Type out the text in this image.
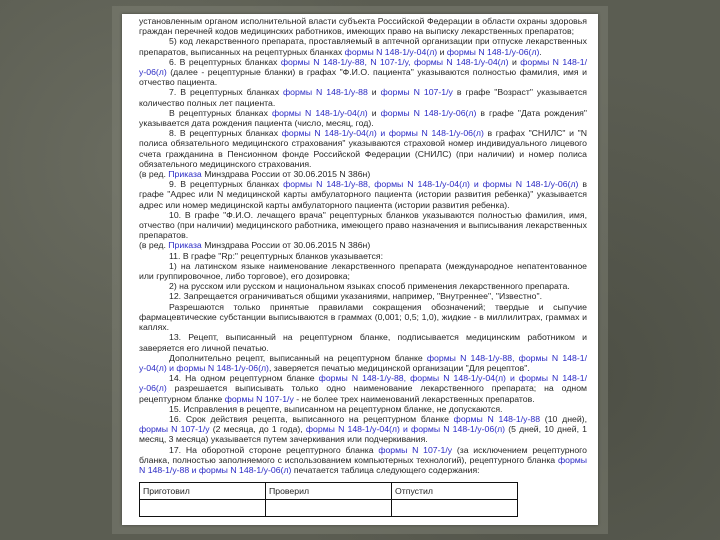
установленным органом исполнительной власти субъекта Российской Федерации в области охраны здоровья граждан перечней кодов медицинских работников, имеющих право на выписку лекарственных препаратов;

5) код лекарственного препарата, проставляемый в аптечной организации при отпуске лекарственных препаратов, выписанных на рецептурных бланках формы N 148-1/у-04(л) и формы N 148-1/у-06(л).

6. В рецептурных бланках формы N 148-1/у-88, N 107-1/у, формы N 148-1/у-04(л) и формы N 148-1/у-06(л) (далее - рецептурные бланки) в графах "Ф.И.О. пациента" указываются полностью фамилия, имя и отчество пациента.

7. В рецептурных бланках формы N 148-1/у-88 и формы N 107-1/у в графе "Возраст" указывается количество полных лет пациента.

В рецептурных бланках формы N 148-1/у-04(л) и формы N 148-1/у-06(л) в графе "Дата рождения" указывается дата рождения пациента (число, месяц, год).

8. В рецептурных бланках формы N 148-1/у-04(л) и формы N 148-1/у-06(л) в графах "СНИЛС" и "N полиса обязательного медицинского страхования" указываются страховой номер индивидуального лицевого счета гражданина в Пенсионном фонде Российской Федерации (СНИЛС) (при наличии) и номер полиса обязательного медицинского страхования.

(в ред. Приказа Минздрава России от 30.06.2015 N 386н)

9. В рецептурных бланках формы N 148-1/у-88, формы N 148-1/у-04(л) и формы N 148-1/у-06(л) в графе "Адрес или N медицинской карты амбулаторного пациента (истории развития ребенка)" указывается адрес или номер медицинской карты амбулаторного пациента (истории развития ребенка).

10. В графе "Ф.И.О. лечащего врача" рецептурных бланков указываются полностью фамилия, имя, отчество (при наличии) медицинского работника, имеющего право назначения и выписывания лекарственных препаратов.

(в ред. Приказа Минздрава России от 30.06.2015 N 386н)

11. В графе "Rp:" рецептурных бланков указывается:

1) на латинском языке наименование лекарственного препарата (международное непатентованное или группировочное, либо торговое), его дозировка;

2) на русском или русском и национальном языках способ применения лекарственного препарата.

12. Запрещается ограничиваться общими указаниями, например, "Внутреннее", "Известно".

Разрешаются только принятые правилами сокращения обозначений; твердые и сыпучие фармацевтические субстанции выписываются в граммах (0,001; 0,5; 1,0), жидкие - в миллилитрах, граммах и каплях.

13. Рецепт, выписанный на рецептурном бланке, подписывается медицинским работником и заверяется его личной печатью.

Дополнительно рецепт, выписанный на рецептурном бланке формы N 148-1/у-88, формы N 148-1/у-04(л) и формы N 148-1/у-06(л), заверяется печатью медицинской организации "Для рецептов".

14. На одном рецептурном бланке формы N 148-1/у-88, формы N 148-1/у-04(л) и формы N 148-1/у-06(л) разрешается выписывать только одно наименование лекарственного препарата; на одном рецептурном бланке формы N 107-1/у - не более трех наименований лекарственных препаратов.

15. Исправления в рецепте, выписанном на рецептурном бланке, не допускаются.

16. Срок действия рецепта, выписанного на рецептурном бланке формы N 148-1/у-88 (10 дней), формы N 107-1/у (2 месяца, до 1 года), формы N 148-1/у-04(л) и формы N 148-1/у-06(л) (5 дней, 10 дней, 1 месяц, 3 месяца) указывается путем зачеркивания или подчеркивания.

17. На оборотной стороне рецептурного бланка формы N 107-1/у (за исключением рецептурного бланка, полностью заполняемого с использованием компьютерных технологий), рецептурного бланка формы N 148-1/у-88 и формы N 148-1/у-06(л) печатается таблица следующего содержания:

Приготовил	Проверил	Отпустил
